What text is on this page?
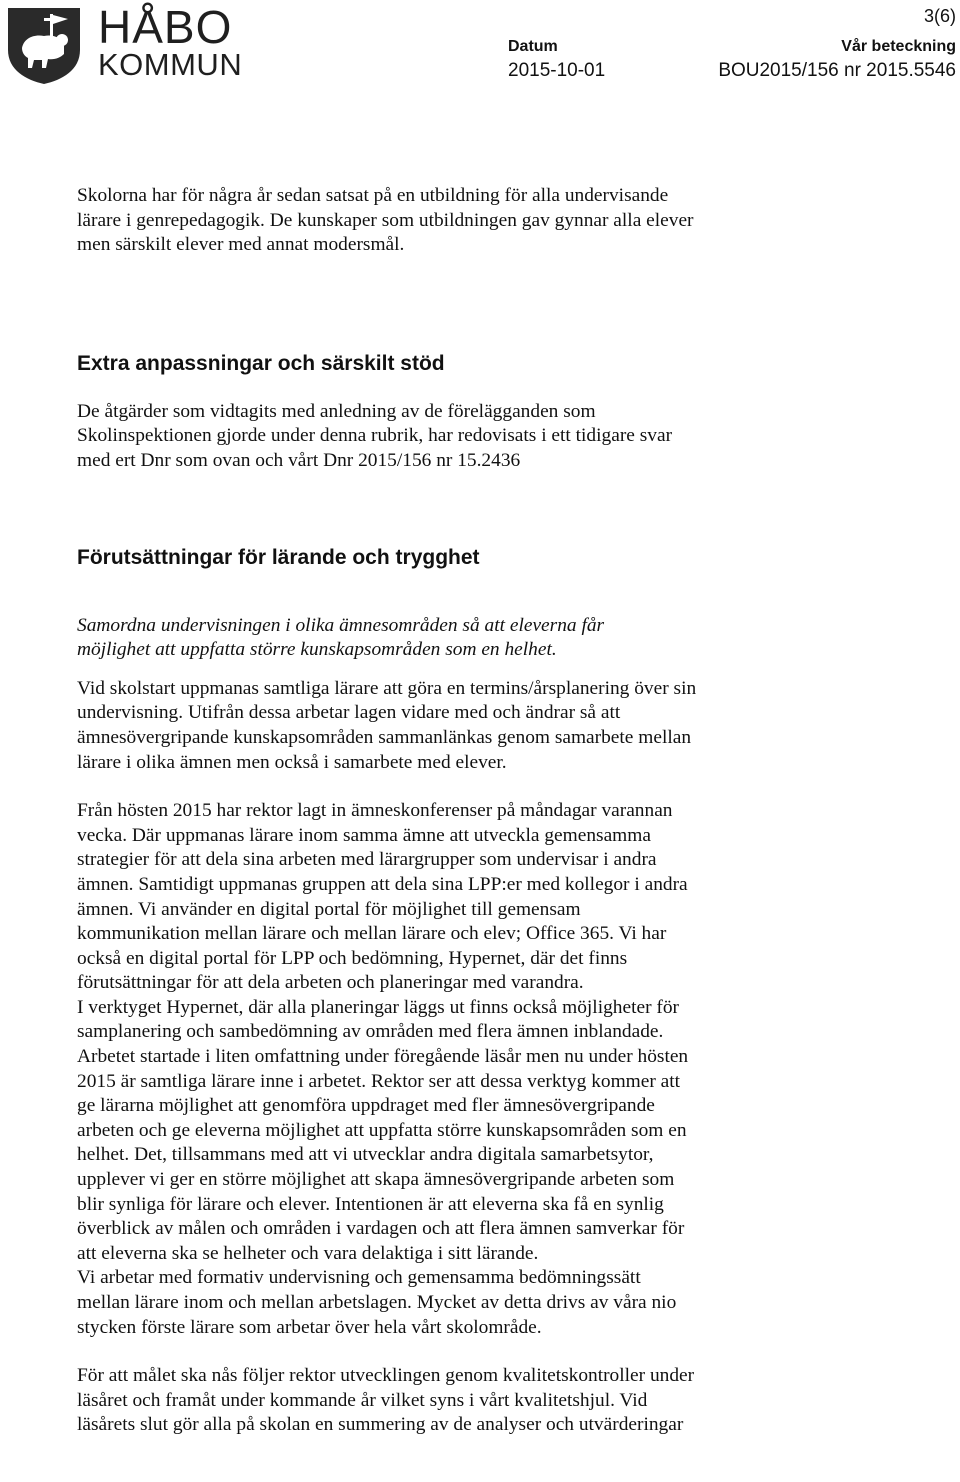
HÅBO
KOMMUN
3(6)
Datum
2015-10-01
Vår beteckning
BOU2015/156 nr 2015.5546

Skolorna har för några år sedan satsat på en utbildning för alla undervisande
lärare i genrepedagogik. De kunskaper som utbildningen gav gynnar alla elever
men särskilt elever med annat modersmål.

Extra anpassningar och särskilt stöd

De åtgärder som vidtagits med anledning av de förelägganden som
Skolinspektionen gjorde under denna rubrik, har redovisats i ett tidigare svar
med ert Dnr som ovan och vårt Dnr 2015/156 nr 15.2436

Förutsättningar för lärande och trygghet

Samordna undervisningen i olika ämnesområden så att eleverna får
möjlighet att uppfatta större kunskapsområden som en helhet.

Vid skolstart uppmanas samtliga lärare att göra en termins/årsplanering över sin
undervisning. Utifrån dessa arbetar lagen vidare med och ändrar så att
ämnesövergripande kunskapsområden sammanlänkas genom samarbete mellan
lärare i olika ämnen men också i samarbete med elever.

Från hösten 2015 har rektor lagt in ämneskonferenser på måndagar varannan
vecka. Där uppmanas lärare inom samma ämne att utveckla gemensamma
strategier för att dela sina arbeten med lärargrupper som undervisar i andra
ämnen. Samtidigt uppmanas gruppen att dela sina LPP:er med kollegor i andra
ämnen. Vi använder en digital portal för möjlighet till gemensam
kommunikation mellan lärare och mellan lärare och elev; Office 365. Vi har
också en digital portal för LPP och bedömning, Hypernet, där det finns
förutsättningar för att dela arbeten och planeringar med varandra.
I verktyget Hypernet, där alla planeringar läggs ut finns också möjligheter för
samplanering och sambedömning av områden med flera ämnen inblandade.
Arbetet startade i liten omfattning under föregående läsår men nu under hösten
2015 är samtliga lärare inne i arbetet. Rektor ser att dessa verktyg kommer att
ge lärarna möjlighet att genomföra uppdraget med fler ämnesövergripande
arbeten och ge eleverna möjlighet att uppfatta större kunskapsområden som en
helhet. Det, tillsammans med att vi utvecklar andra digitala samarbetsytor,
upplever vi ger en större möjlighet att skapa ämnesövergripande arbeten som
blir synliga för lärare och elever. Intentionen är att eleverna ska få en synlig
överblick av målen och områden i vardagen och att flera ämnen samverkar för
att eleverna ska se helheter och vara delaktiga i sitt lärande.
Vi arbetar med formativ undervisning och gemensamma bedömningssätt
mellan lärare inom och mellan arbetslagen. Mycket av detta drivs av våra nio
stycken förste lärare som arbetar över hela vårt skolområde.

För att målet ska nås följer rektor utvecklingen genom kvalitetskontroller under
läsåret och framåt under kommande år vilket syns i vårt kvalitetshjul. Vid
läsårets slut gör alla på skolan en summering av de analyser och utvärderingar
